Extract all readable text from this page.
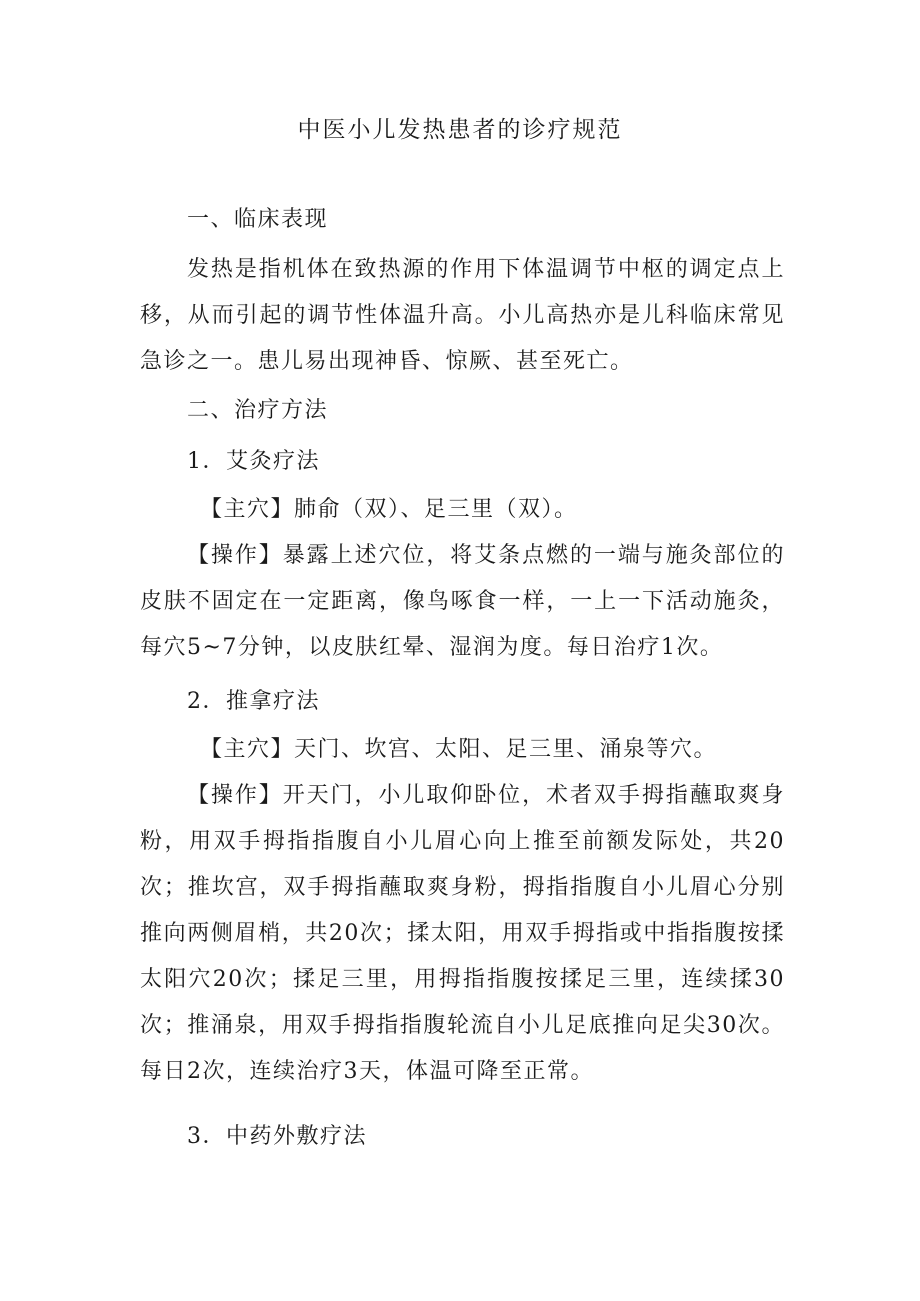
中医小儿发热患者的诊疗规范
一、临床表现
发热是指机体在致热源的作用下体温调节中枢的调定点上移，从而引起的调节性体温升高。小儿高热亦是儿科临床常见急诊之一。患儿易出现神昏、惊厥、甚至死亡。
二、治疗方法
1．艾灸疗法
【主穴】肺俞（双）、足三里（双）。
【操作】暴露上述穴位，将艾条点燃的一端与施灸部位的皮肤不固定在一定距离，像鸟啄食一样，一上一下活动施灸，每穴5~7分钟，以皮肤红晕、湿润为度。每日治疗1次。
2．推拿疗法
【主穴】天门、坎宫、太阳、足三里、涌泉等穴。
【操作】开天门，小儿取仰卧位，术者双手拇指蘸取爽身粉，用双手拇指指腹自小儿眉心向上推至前额发际处，共20次；推坎宫，双手拇指蘸取爽身粉，拇指指腹自小儿眉心分别推向两侧眉梢，共20次；揉太阳，用双手拇指或中指指腹按揉太阳穴20次；揉足三里，用拇指指腹按揉足三里，连续揉30次；推涌泉，用双手拇指指腹轮流自小儿足底推向足尖30次。每日2次，连续治疗3天，体温可降至正常。
3．中药外敷疗法
